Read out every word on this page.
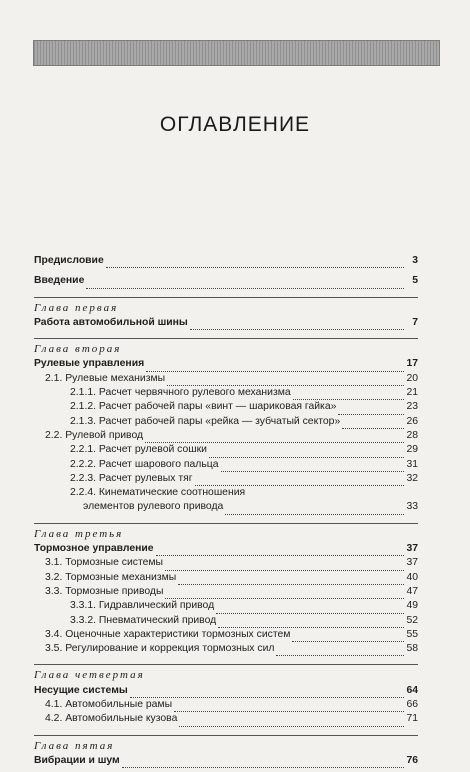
ОГЛАВЛЕНИЕ
Предисловие	3
Введение	5
Глава первая
Работа автомобильной шины	7
Глава вторая
Рулевые управления	17
2.1. Рулевые механизмы	20
2.1.1. Расчет червячного рулевого механизма	21
2.1.2. Расчет рабочей пары «винт — шариковая гайка»	23
2.1.3. Расчет рабочей пары «рейка — зубчатый сектор»	26
2.2. Рулевой привод	28
2.2.1. Расчет рулевой сошки	29
2.2.2. Расчет шарового пальца	31
2.2.3. Расчет рулевых тяг	32
2.2.4. Кинематические соотношения
элементов рулевого привода	33
Глава третья
Тормозное управление	37
3.1. Тормозные системы	37
3.2. Тормозные механизмы	40
3.3. Тормозные приводы	47
3.3.1. Гидравлический привод	49
3.3.2. Пневматический привод	52
3.4. Оценочные характеристики тормозных систем	55
3.5. Регулирование и коррекция тормозных сил	58
Глава четвертая
Несущие системы	64
4.1. Автомобильные рамы	66
4.2. Автомобильные кузова	71
Глава пятая
Вибрации и шум	76
